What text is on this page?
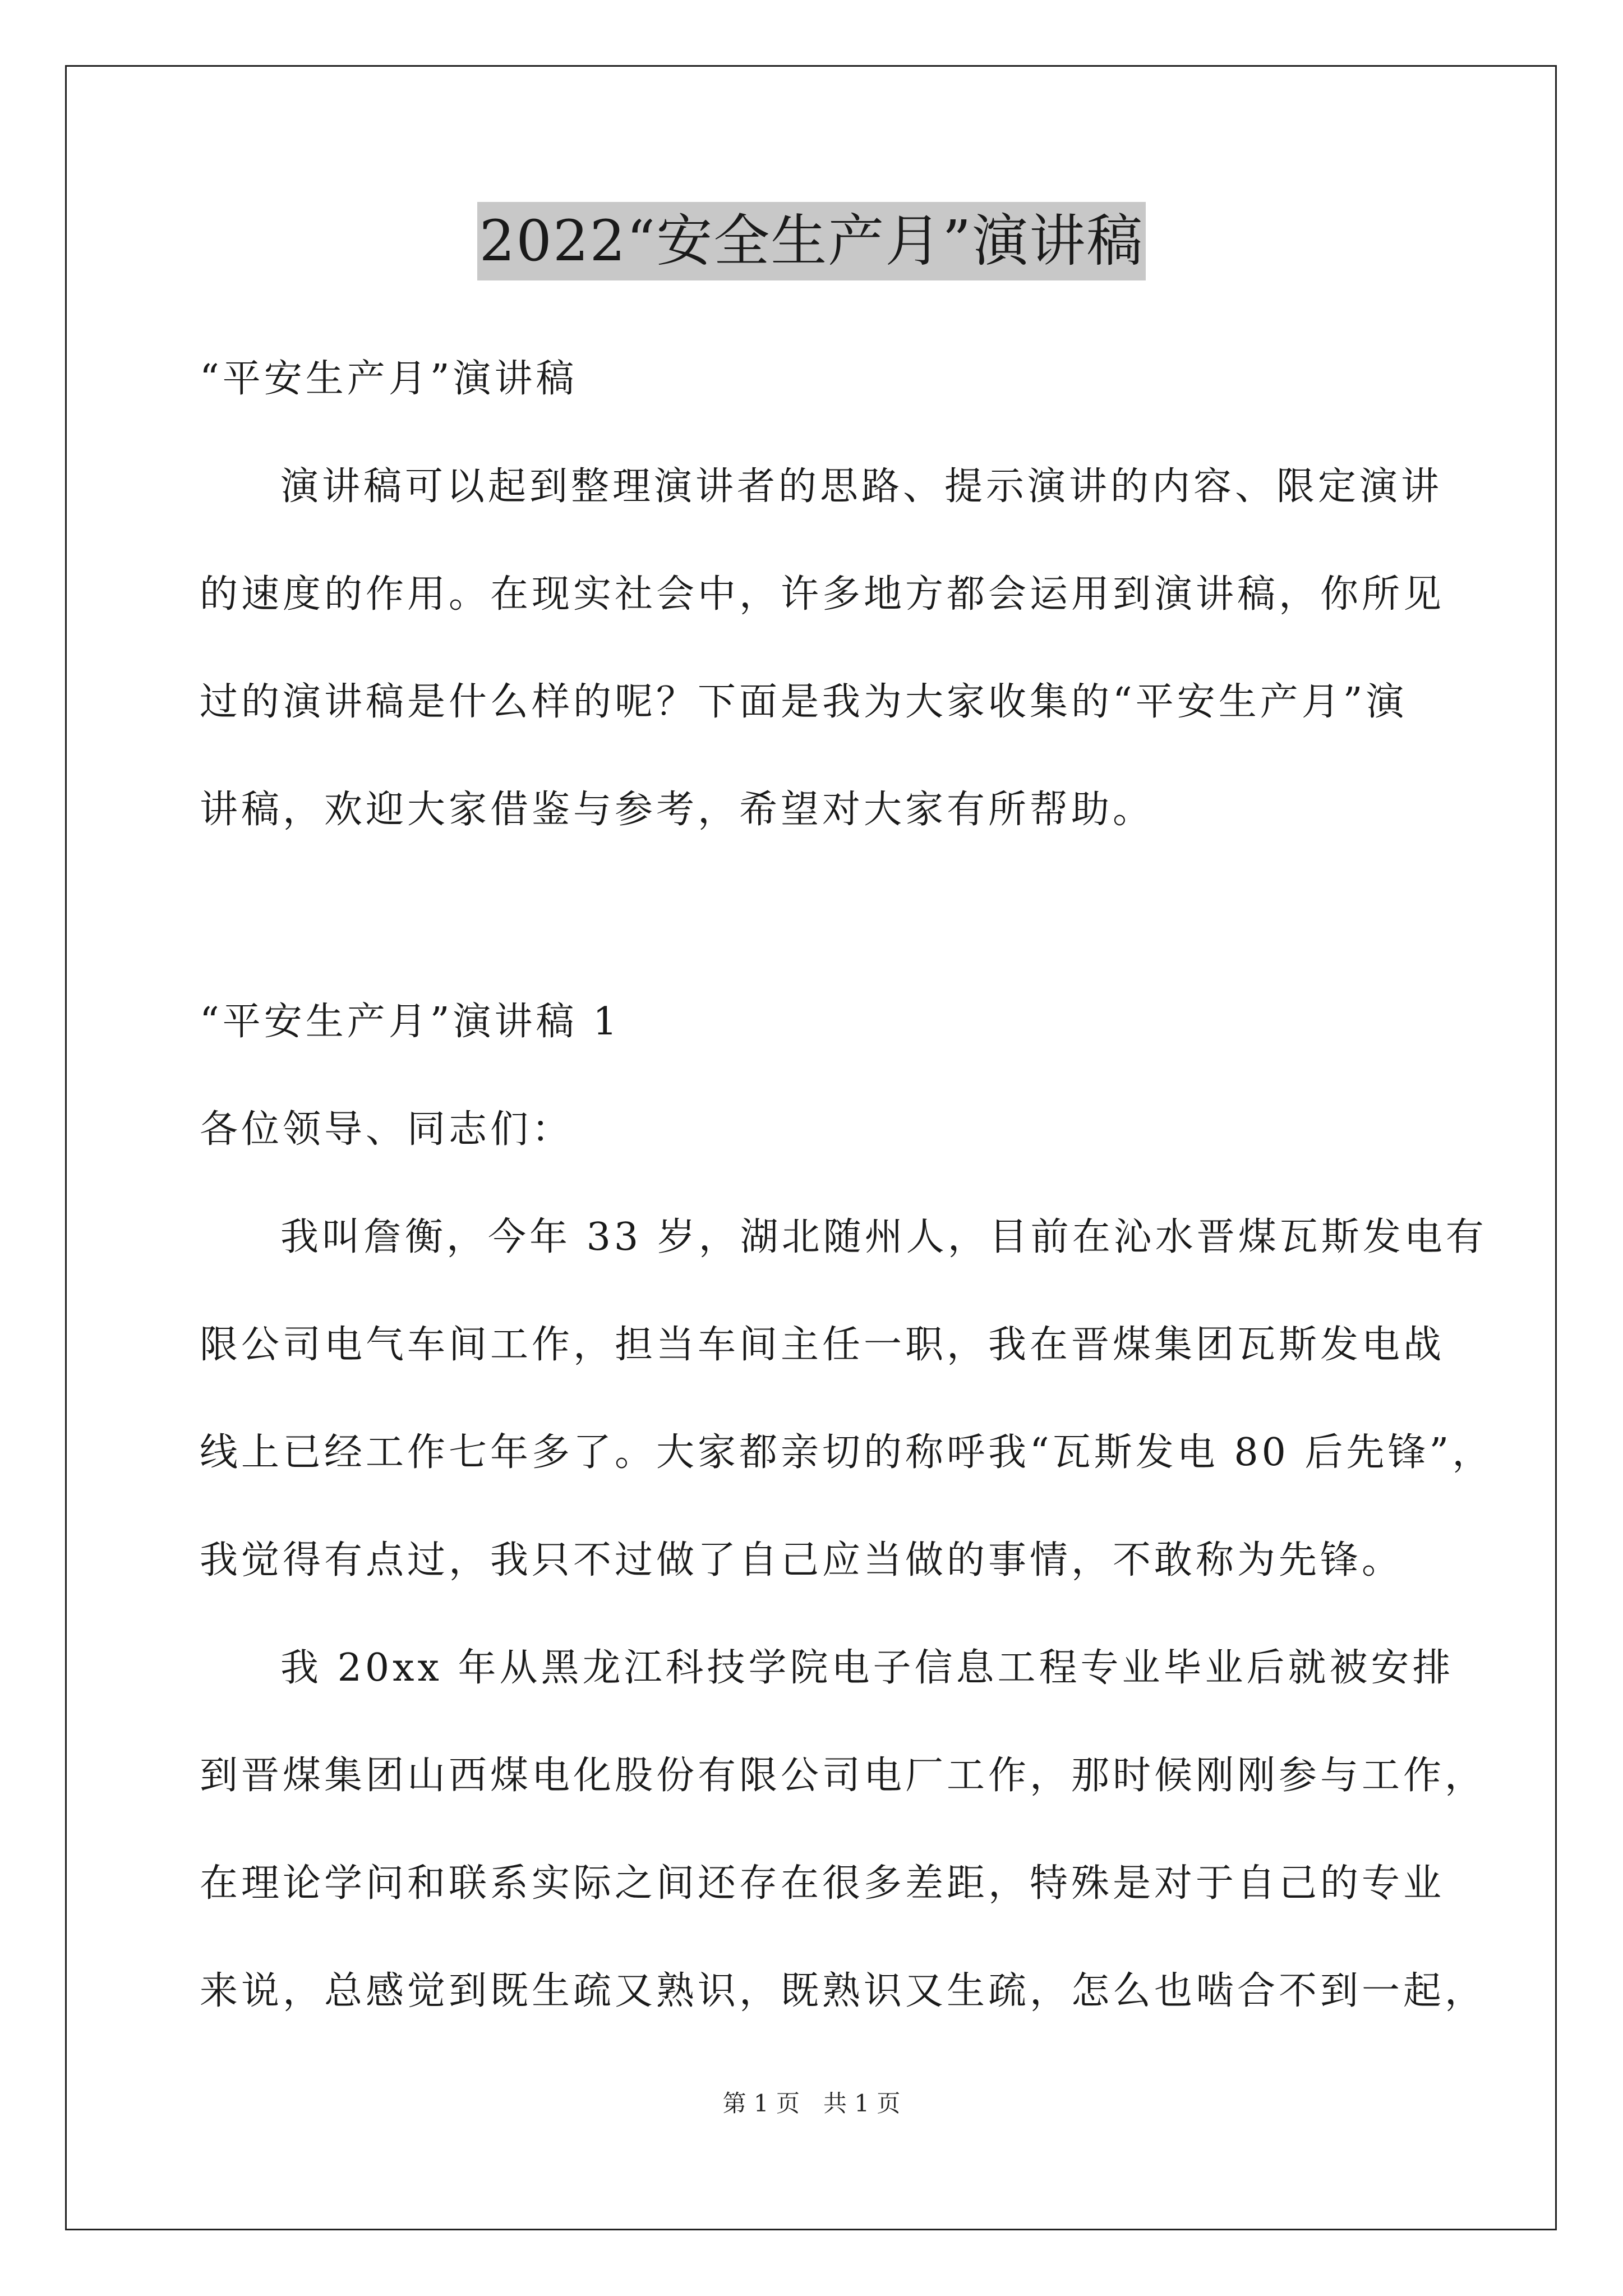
2022“安全生产月”演讲稿
“平安生产月”演讲稿
演讲稿可以起到整理演讲者的思路、提示演讲的内容、限定演讲
的速度的作用。在现实社会中，许多地方都会运用到演讲稿，你所见
过的演讲稿是什么样的呢？下面是我为大家收集的“平安生产月”演
讲稿，欢迎大家借鉴与参考，希望对大家有所帮助。
“平安生产月”演讲稿 1
各位领导、同志们：
我叫詹衡，今年 33 岁，湖北随州人，目前在沁水晋煤瓦斯发电有
限公司电气车间工作，担当车间主任一职，我在晋煤集团瓦斯发电战
线上已经工作七年多了。大家都亲切的称呼我“瓦斯发电 80 后先锋”，
我觉得有点过，我只不过做了自己应当做的事情，不敢称为先锋。
我 20xx 年从黑龙江科技学院电子信息工程专业毕业后就被安排
到晋煤集团山西煤电化股份有限公司电厂工作，那时候刚刚参与工作，
在理论学问和联系实际之间还存在很多差距，特殊是对于自己的专业
来说，总感觉到既生疏又熟识，既熟识又生疏，怎么也啮合不到一起，
第 1 页　共 1 页
